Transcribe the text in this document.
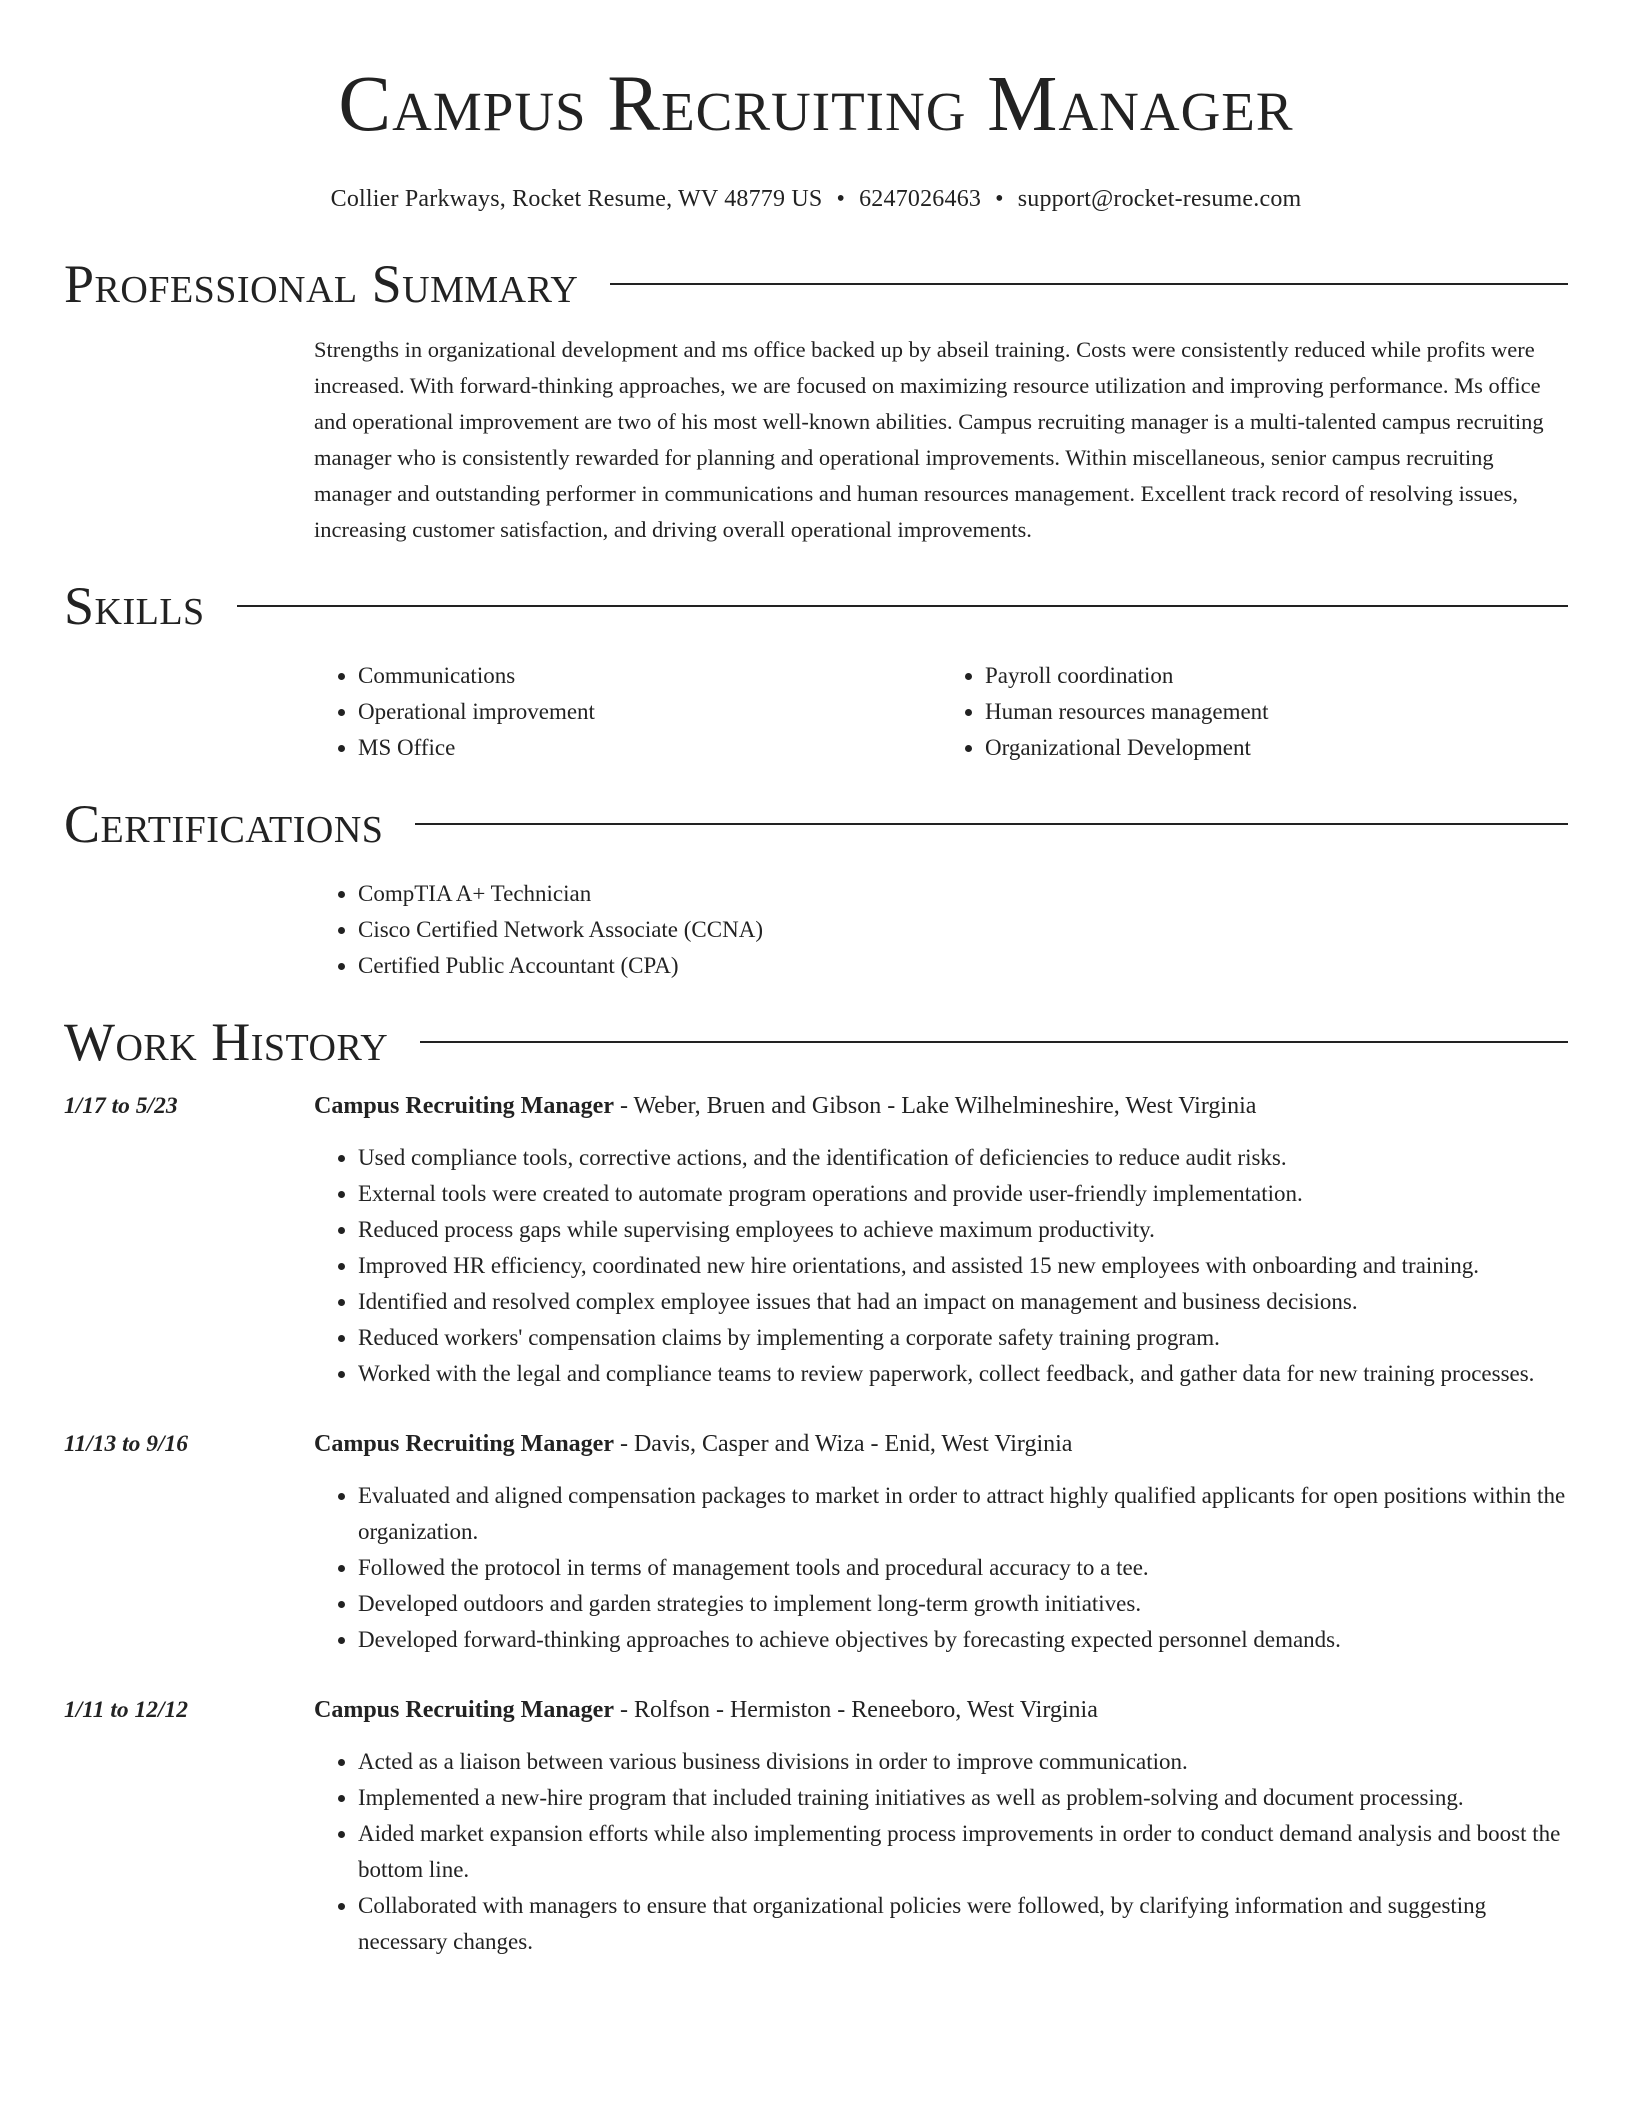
Campus Recruiting Manager
Collier Parkways, Rocket Resume, WV 48779 US • 6247026463 • support@rocket-resume.com
Professional Summary
Strengths in organizational development and ms office backed up by abseil training. Costs were consistently reduced while profits were increased. With forward-thinking approaches, we are focused on maximizing resource utilization and improving performance. Ms office and operational improvement are two of his most well-known abilities. Campus recruiting manager is a multi-talented campus recruiting manager who is consistently rewarded for planning and operational improvements. Within miscellaneous, senior campus recruiting manager and outstanding performer in communications and human resources management. Excellent track record of resolving issues, increasing customer satisfaction, and driving overall operational improvements.
Skills
• Communications
• Operational improvement
• MS Office
• Payroll coordination
• Human resources management
• Organizational Development
Certifications
• CompTIA A+ Technician
• Cisco Certified Network Associate (CCNA)
• Certified Public Accountant (CPA)
Work History
1/17 to 5/23	Campus Recruiting Manager - Weber, Bruen and Gibson - Lake Wilhelmineshire, West Virginia
• Used compliance tools, corrective actions, and the identification of deficiencies to reduce audit risks.
• External tools were created to automate program operations and provide user-friendly implementation.
• Reduced process gaps while supervising employees to achieve maximum productivity.
• Improved HR efficiency, coordinated new hire orientations, and assisted 15 new employees with onboarding and training.
• Identified and resolved complex employee issues that had an impact on management and business decisions.
• Reduced workers' compensation claims by implementing a corporate safety training program.
• Worked with the legal and compliance teams to review paperwork, collect feedback, and gather data for new training processes.
11/13 to 9/16	Campus Recruiting Manager - Davis, Casper and Wiza - Enid, West Virginia
• Evaluated and aligned compensation packages to market in order to attract highly qualified applicants for open positions within the organization.
• Followed the protocol in terms of management tools and procedural accuracy to a tee.
• Developed outdoors and garden strategies to implement long-term growth initiatives.
• Developed forward-thinking approaches to achieve objectives by forecasting expected personnel demands.
1/11 to 12/12	Campus Recruiting Manager - Rolfson - Hermiston - Reneeboro, West Virginia
• Acted as a liaison between various business divisions in order to improve communication.
• Implemented a new-hire program that included training initiatives as well as problem-solving and document processing.
• Aided market expansion efforts while also implementing process improvements in order to conduct demand analysis and boost the bottom line.
• Collaborated with managers to ensure that organizational policies were followed, by clarifying information and suggesting necessary changes.
